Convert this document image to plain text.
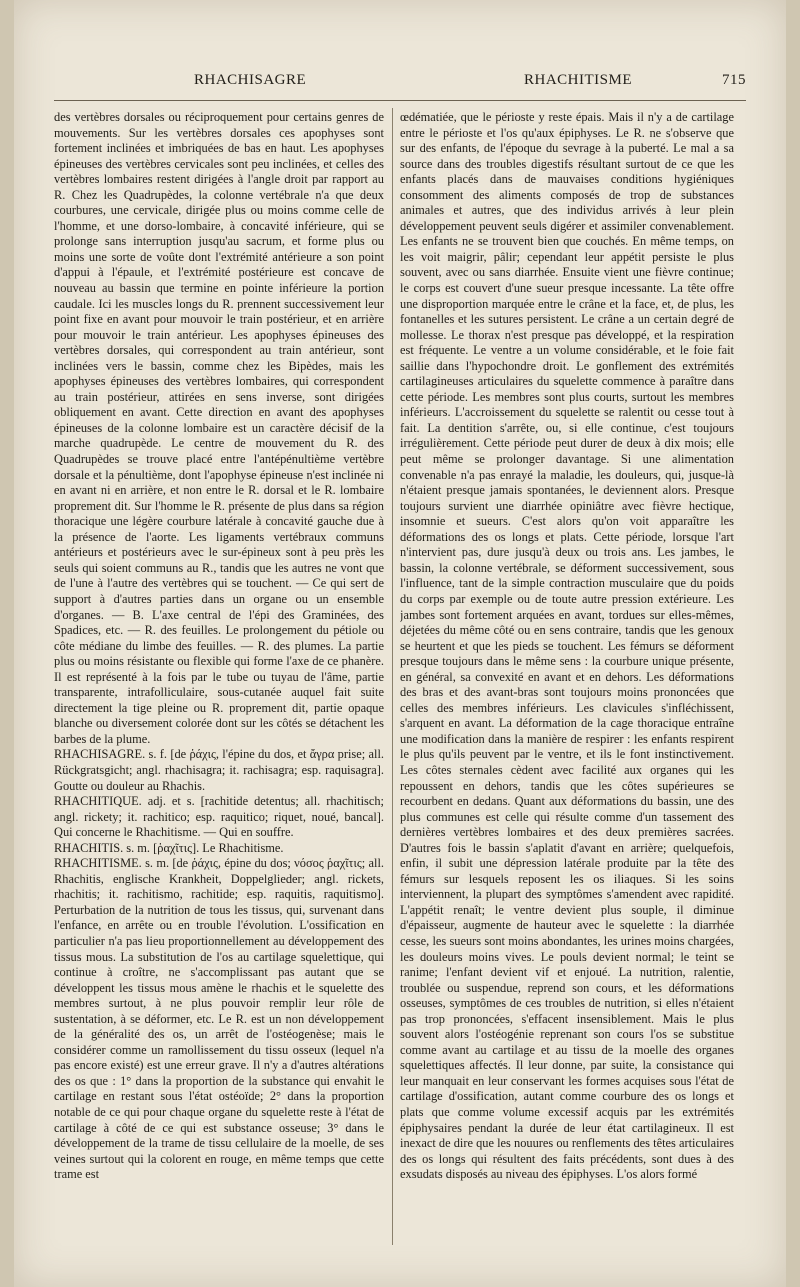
RHACHISAGRE	RHACHITISME	715

des vertèbres dorsales ou réciproquement pour certains genres de mouvements. Sur les vertèbres dorsales ces apophyses sont fortement inclinées et imbriquées de bas en haut. Les apophyses épineuses des vertèbres cervicales sont peu inclinées, et celles des vertèbres lombaires restent dirigées à l'angle droit par rapport au R. Chez les Quadrupèdes, la colonne vertébrale n'a que deux courbures, une cervicale, dirigée plus ou moins comme celle de l'homme, et une dorso-lombaire, à concavité inférieure, qui se prolonge sans interruption jusqu'au sacrum, et forme plus ou moins une sorte de voûte dont l'extrémité antérieure a son point d'appui à l'épaule, et l'extrémité postérieure est concave de nouveau au bassin que termine en pointe inférieure la portion caudale. Ici les muscles longs du R. prennent successivement leur point fixe en avant pour mouvoir le train postérieur, et en arrière pour mouvoir le train antérieur. Les apophyses épineuses des vertèbres dorsales, qui correspondent au train antérieur, sont inclinées vers le bassin, comme chez les Bipèdes, mais les apophyses épineuses des vertèbres lombaires, qui correspondent au train postérieur, attirées en sens inverse, sont dirigées obliquement en avant. Cette direction en avant des apophyses épineuses de la colonne lombaire est un caractère décisif de la marche quadrupède. Le centre de mouvement du R. des Quadrupèdes se trouve placé entre l'antépénultième vertèbre dorsale et la pénultième, dont l'apophyse épineuse n'est inclinée ni en avant ni en arrière, et non entre le R. dorsal et le R. lombaire proprement dit. Sur l'homme le R. présente de plus dans sa région thoracique une légère courbure latérale à concavité gauche due à la présence de l'aorte. Les ligaments vertébraux communs antérieurs et postérieurs avec le sur-épineux sont à peu près les seuls qui soient communs au R., tandis que les autres ne vont que de l'une à l'autre des vertèbres qui se touchent. — Ce qui sert de support à d'autres parties dans un organe ou un ensemble d'organes. — B. L'axe central de l'épi des Graminées, des Spadices, etc. — R. des feuilles. Le prolongement du pétiole ou côte médiane du limbe des feuilles. — R. des plumes. La partie plus ou moins résistante ou flexible qui forme l'axe de ce phanère. Il est représenté à la fois par le tube ou tuyau de l'âme, partie transparente, intrafolliculaire, sous-cutanée auquel fait suite directement la tige pleine ou R. proprement dit, partie opaque blanche ou diversement colorée dont sur les côtés se détachent les barbes de la plume.

RHACHISAGRE. s. f. [de ῥάχις, l'épine du dos, et ἄγρα prise; all. Rückgratsgicht; angl. rhachisagra; it. rachisagra; esp. raquisagra]. Goutte ou douleur au Rhachis.

RHACHITIQUE. adj. et s. [rachitide detentus; all. rhachitisch; angl. rickety; it. rachitico; esp. raquitico; riquet, noué, bancal]. Qui concerne le Rhachitisme. — Qui en souffre.

RHACHITIS. s. m. [ῥαχῖτις]. Le Rhachitisme.

RHACHITISME. s. m. [de ῥάχις, épine du dos; νόσος ῥαχῖτις; all. Rhachitis, englische Krankheit, Doppelglieder; angl. rickets, rhachitis; it. rachitismo, rachitide; esp. raquitis, raquitismo]. Perturbation de la nutrition de tous les tissus, qui, survenant dans l'enfance, en arrête ou en trouble l'évolution. L'ossification en particulier n'a pas lieu proportionnellement au développement des tissus mous. La substitution de l'os au cartilage squelettique, qui continue à croître, ne s'accomplissant pas autant que se développent les tissus mous amène le rhachis et le squelette des membres surtout, à ne plus pouvoir remplir leur rôle de sustentation, à se déformer, etc. Le R. est un non développement de la généralité des os, un arrêt de l'ostéogenèse; mais le considérer comme un ramollissement du tissu osseux (lequel n'a pas encore existé) est une erreur grave. Il n'y a d'autres altérations des os que : 1° dans la proportion de la substance qui envahit le cartilage en restant sous l'état ostéoïde; 2° dans la proportion notable de ce qui pour chaque organe du squelette reste à l'état de cartilage à côté de ce qui est substance osseuse; 3° dans le développement de la trame de tissu cellulaire de la moelle, de ses veines surtout qui la colorent en rouge, en même temps que cette trame est

œdématiée, que le périoste y reste épais. Mais il n'y a de cartilage entre le périoste et l'os qu'aux épiphyses. Le R. ne s'observe que sur des enfants, de l'époque du sevrage à la puberté. Le mal a sa source dans des troubles digestifs résultant surtout de ce que les enfants placés dans de mauvaises conditions hygiéniques consomment des aliments composés de trop de substances animales et autres, que des individus arrivés à leur plein développement peuvent seuls digérer et assimiler convenablement. Les enfants ne se trouvent bien que couchés. En même temps, on les voit maigrir, pâlir; cependant leur appétit persiste le plus souvent, avec ou sans diarrhée. Ensuite vient une fièvre continue; le corps est couvert d'une sueur presque incessante. La tête offre une disproportion marquée entre le crâne et la face, et, de plus, les fontanelles et les sutures persistent. Le crâne a un certain degré de mollesse. Le thorax n'est presque pas développé, et la respiration est fréquente. Le ventre a un volume considérable, et le foie fait saillie dans l'hypochondre droit. Le gonflement des extrémités cartilagineuses articulaires du squelette commence à paraître dans cette période. Les membres sont plus courts, surtout les membres inférieurs. L'accroissement du squelette se ralentit ou cesse tout à fait. La dentition s'arrête, ou, si elle continue, c'est toujours irrégulièrement. Cette période peut durer de deux à dix mois; elle peut même se prolonger davantage. Si une alimentation convenable n'a pas enrayé la maladie, les douleurs, qui, jusque-là n'étaient presque jamais spontanées, le deviennent alors. Presque toujours survient une diarrhée opiniâtre avec fièvre hectique, insomnie et sueurs. C'est alors qu'on voit apparaître les déformations des os longs et plats. Cette période, lorsque l'art n'intervient pas, dure jusqu'à deux ou trois ans. Les jambes, le bassin, la colonne vertébrale, se déforment successivement, sous l'influence, tant de la simple contraction musculaire que du poids du corps par exemple ou de toute autre pression extérieure. Les jambes sont fortement arquées en avant, tordues sur elles-mêmes, déjetées du même côté ou en sens contraire, tandis que les genoux se heurtent et que les pieds se touchent. Les fémurs se déforment presque toujours dans le même sens : la courbure unique présente, en général, sa convexité en avant et en dehors. Les déformations des bras et des avant-bras sont toujours moins prononcées que celles des membres inférieurs. Les clavicules s'infléchissent, s'arquent en avant. La déformation de la cage thoracique entraîne une modification dans la manière de respirer : les enfants respirent le plus qu'ils peuvent par le ventre, et ils le font instinctivement. Les côtes sternales cèdent avec facilité aux organes qui les repoussent en dehors, tandis que les côtes supérieures se recourbent en dedans. Quant aux déformations du bassin, une des plus communes est celle qui résulte comme d'un tassement des dernières vertèbres lombaires et des deux premières sacrées. D'autres fois le bassin s'aplatit d'avant en arrière; quelquefois, enfin, il subit une dépression latérale produite par la tête des fémurs sur lesquels reposent les os iliaques. Si les soins interviennent, la plupart des symptômes s'amendent avec rapidité. L'appétit renaît; le ventre devient plus souple, il diminue d'épaisseur, augmente de hauteur avec le squelette : la diarrhée cesse, les sueurs sont moins abondantes, les urines moins chargées, les douleurs moins vives. Le pouls devient normal; le teint se ranime; l'enfant devient vif et enjoué. La nutrition, ralentie, troublée ou suspendue, reprend son cours, et les déformations osseuses, symptômes de ces troubles de nutrition, si elles n'étaient pas trop prononcées, s'effacent insensiblement. Mais le plus souvent alors l'ostéogénie reprenant son cours l'os se substitue comme avant au cartilage et au tissu de la moelle des organes squelettiques affectés. Il leur donne, par suite, la consistance qui leur manquait en leur conservant les formes acquises sous l'état de cartilage d'ossification, autant comme courbure des os longs et plats que comme volume excessif acquis par les extrémités épiphysaires pendant la durée de leur état cartilagineux. Il est inexact de dire que les nouures ou renflements des têtes articulaires des os longs qui résultent des faits précédents, sont dues à des exsudats disposés au niveau des épiphyses. L'os alors formé
